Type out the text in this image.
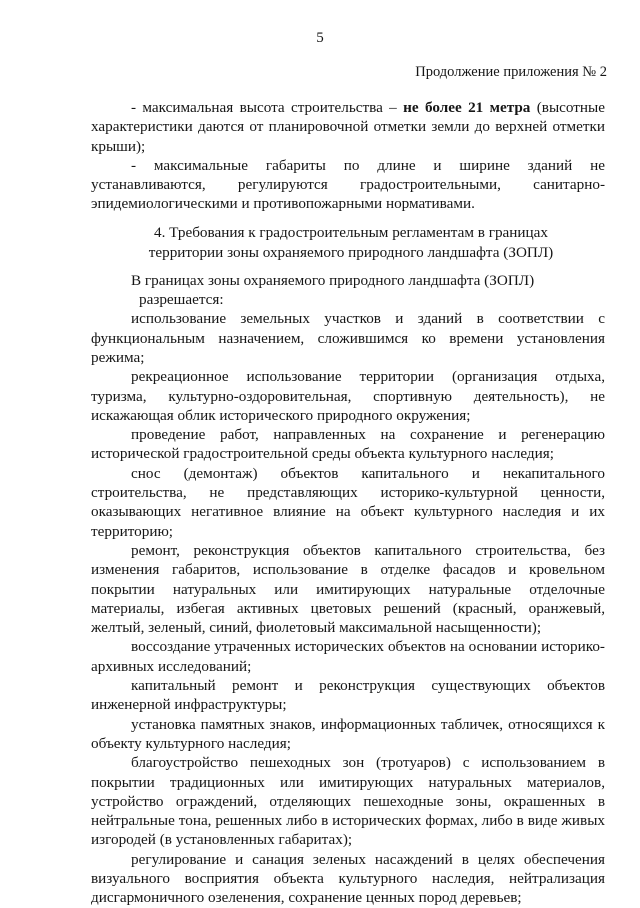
5
Продолжение приложения № 2

- максимальная высота строительства – не более 21 метра (высотные характеристики даются от планировочной отметки земли до верхней отметки крыши);

- максимальные габариты по длине и ширине зданий не устанавливаются, регулируются градостроительными, санитарно-эпидемиологическими и противопожарными нормативами.

4. Требования к градостроительным регламентам в границах

территории зоны охраняемого природного ландшафта (ЗОПЛ)

В границах зоны охраняемого природного ландшафта (ЗОПЛ)

разрешается:

использование земельных участков и зданий в соответствии с функциональным назначением, сложившимся ко времени установления режима;

рекреационное использование территории (организация отдыха, туризма, культурно-оздоровительная, спортивную деятельность), не искажающая облик исторического природного окружения;

проведение работ, направленных на сохранение и регенерацию исторической градостроительной среды объекта культурного наследия;

снос (демонтаж) объектов капитального и некапитального строительства, не представляющих историко-культурной ценности, оказывающих негативное влияние на объект культурного наследия и их территорию;

ремонт, реконструкция объектов капитального строительства, без изменения габаритов, использование в отделке фасадов и кровельном покрытии натуральных или имитирующих натуральные отделочные материалы, избегая активных цветовых решений (красный, оранжевый, желтый, зеленый, синий, фиолетовый максимальной насыщенности);

воссоздание утраченных исторических объектов на основании историко-архивных исследований;

капитальный ремонт и реконструкция существующих объектов инженерной инфраструктуры;

установка памятных знаков, информационных табличек, относящихся к объекту культурного наследия;

благоустройство пешеходных зон (тротуаров) с использованием в покрытии традиционных или имитирующих натуральных материалов, устройство ограждений, отделяющих пешеходные зоны, окрашенных в нейтральные тона, решенных либо в исторических формах, либо в виде живых изгородей (в установленных габаритах);

регулирование и санация зеленых насаждений в целях обеспечения визуального восприятия объекта культурного наследия, нейтрализация дисгармоничного озеленения, сохранение ценных пород деревьев;
